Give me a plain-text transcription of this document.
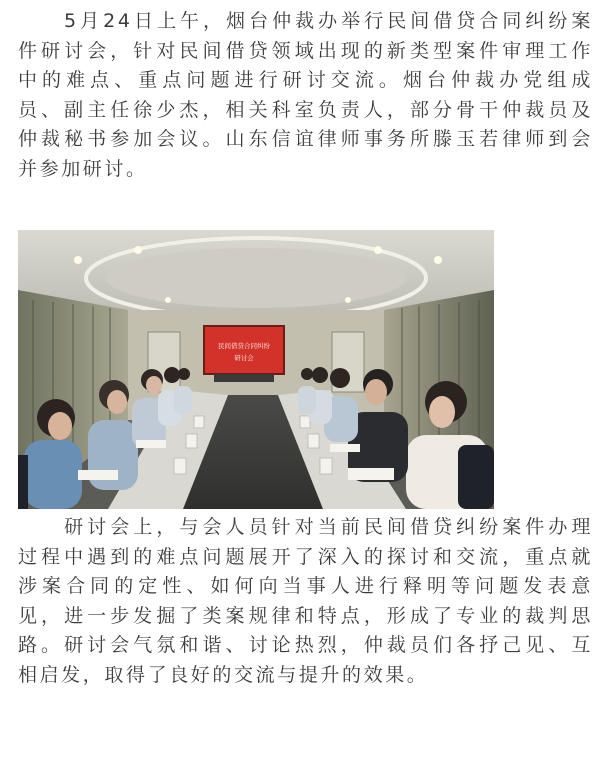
　　5月24日上午，烟台仲裁办举行民间借贷合同纠纷案
件研讨会，针对民间借贷领域出现的新类型案件审理工作
中的难点、重点问题进行研讨交流。烟台仲裁办党组成
员、副主任徐少杰，相关科室负责人，部分骨干仲裁员及
仲裁秘书参加会议。山东信谊律师事务所滕玉若律师到会
并参加研讨。
民间借贷合同纠纷
研讨会
　　研讨会上，与会人员针对当前民间借贷纠纷案件办理
过程中遇到的难点问题展开了深入的探讨和交流，重点就
涉案合同的定性、如何向当事人进行释明等问题发表意
见，进一步发掘了类案规律和特点，形成了专业的裁判思
路。研讨会气氛和谐、讨论热烈，仲裁员们各抒己见、互
相启发，取得了良好的交流与提升的效果。
